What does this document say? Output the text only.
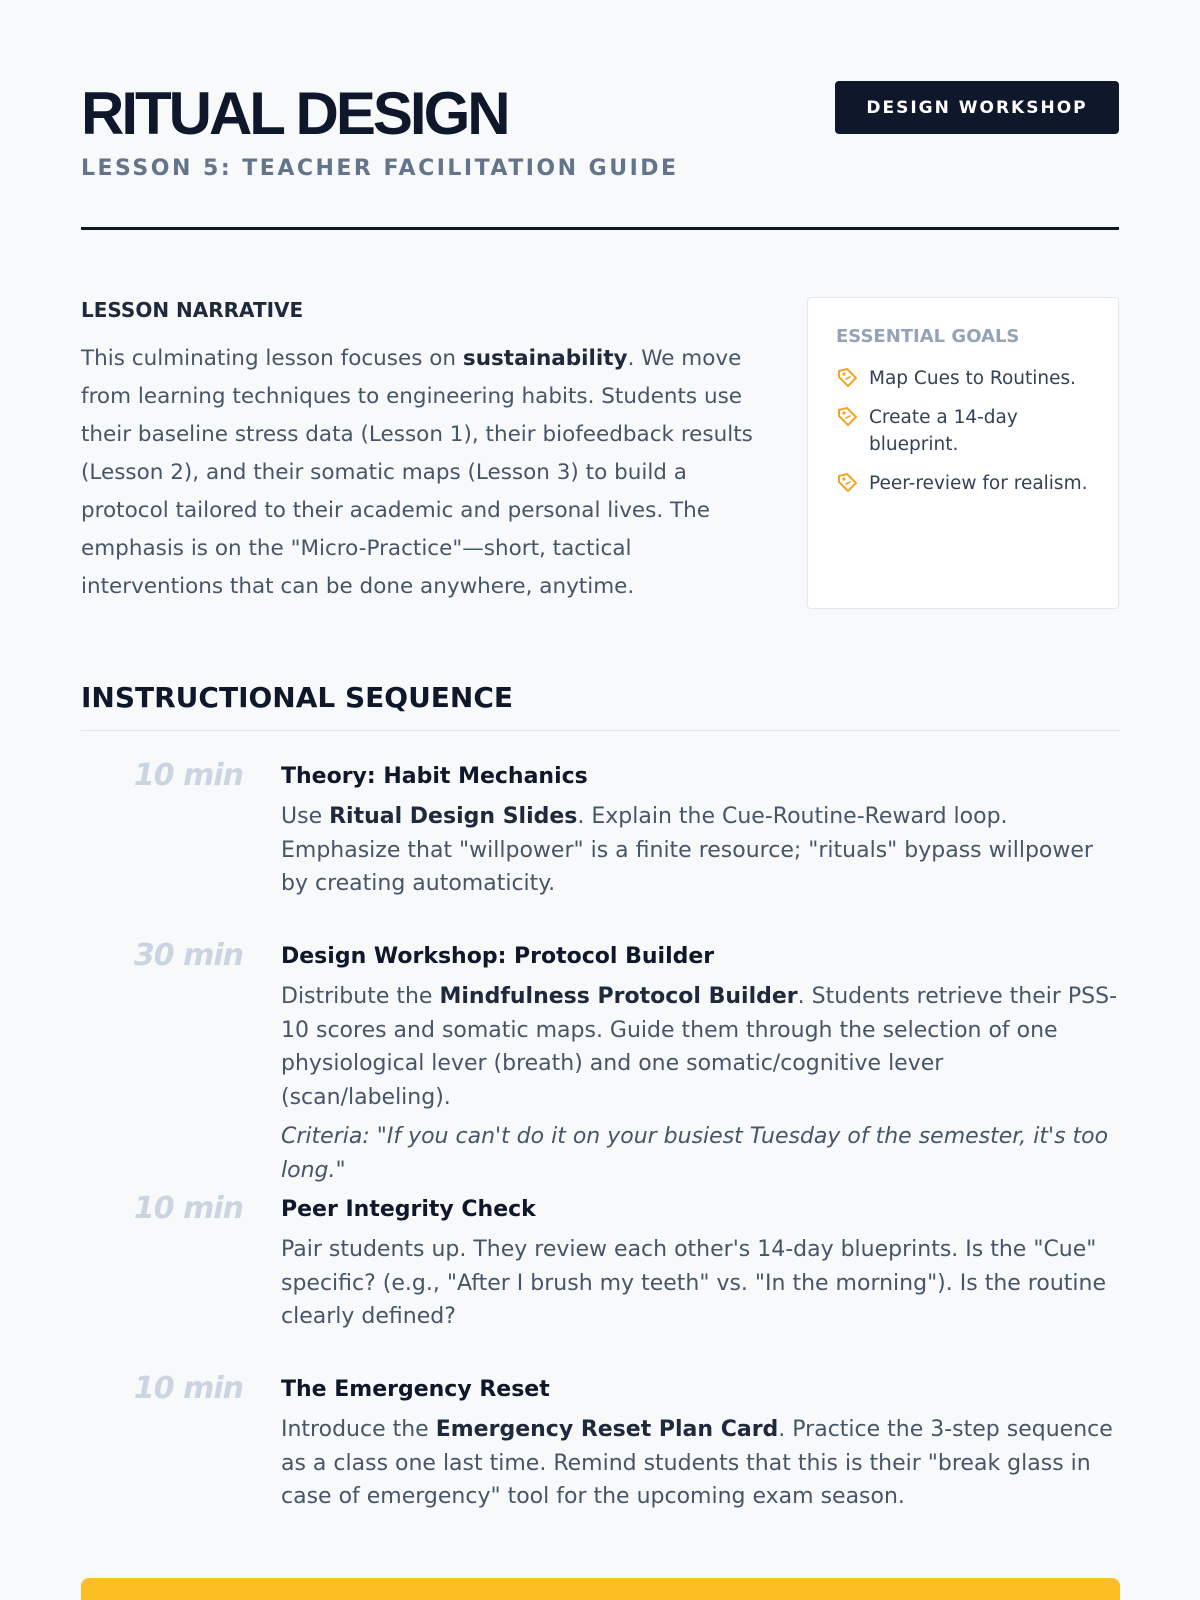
RITUAL DESIGN
LESSON 5: TEACHER FACILITATION GUIDE
DESIGN WORKSHOP
LESSON NARRATIVE

This culminating lesson focuses on sustainability. We move from learning techniques to engineering habits. Students use their baseline stress data (Lesson 1), their biofeedback results (Lesson 2), and their somatic maps (Lesson 3) to build a protocol tailored to their academic and personal lives. The emphasis is on the "Micro-Practice"—short, tactical interventions that can be done anywhere, anytime.

ESSENTIAL GOALS
Map Cues to Routines.
Create a 14-day blueprint.
Peer-review for realism.
INSTRUCTIONAL SEQUENCE
10 min Theory: Habit Mechanics

Use Ritual Design Slides. Explain the Cue-Routine-Reward loop. Emphasize that "willpower" is a finite resource; "rituals" bypass willpower by creating automaticity.

30 min Design Workshop: Protocol Builder

Distribute the Mindfulness Protocol Builder. Students retrieve their PSS-10 scores and somatic maps. Guide them through the selection of one physiological lever (breath) and one somatic/cognitive lever (scan/labeling).

Criteria: "If you can't do it on your busiest Tuesday of the semester, it's too long."

10 min Peer Integrity Check

Pair students up. They review each other's 14-day blueprints. Is the "Cue" specific? (e.g., "After I brush my teeth" vs. "In the morning"). Is the routine clearly defined?

10 min The Emergency Reset

Introduce the Emergency Reset Plan Card. Practice the 3-step sequence as a class one last time. Remind students that this is their "break glass in case of emergency" tool for the upcoming exam season.
